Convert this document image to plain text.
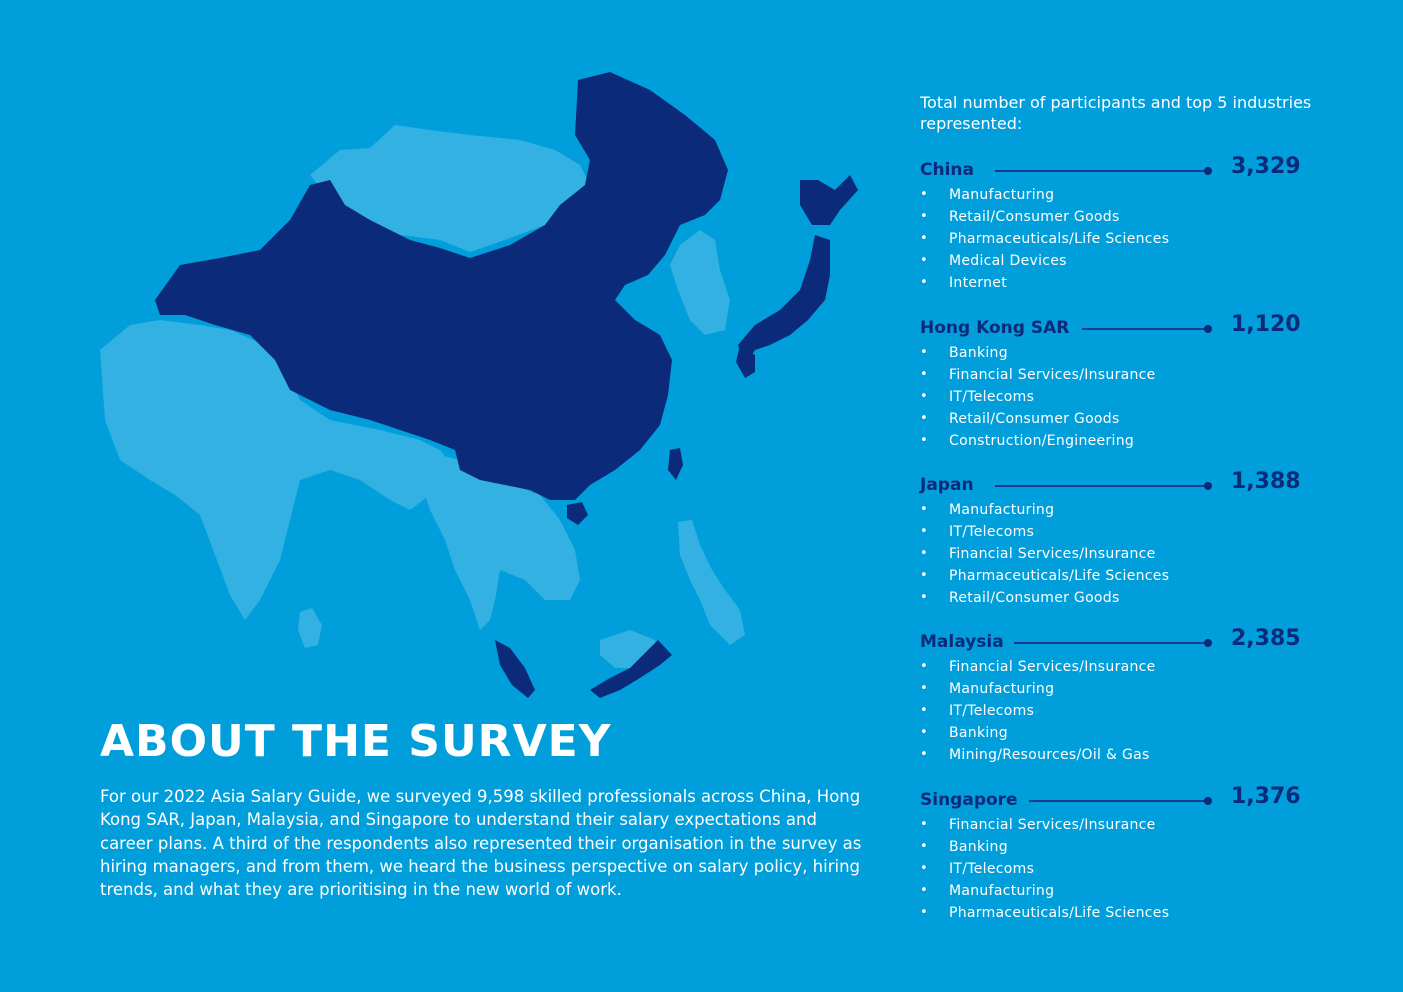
ABOUT THE SURVEY

For our 2022 Asia Salary Guide, we surveyed 9,598 skilled professionals across China, Hong Kong SAR, Japan, Malaysia, and Singapore to understand their salary expectations and career plans. A third of the respondents also represented their organisation in the survey as hiring managers, and from them, we heard the business perspective on salary policy, hiring trends, and what they are prioritising in the new world of work.

Total number of participants and top 5 industries represented:

China	3,329
• Manufacturing
• Retail/Consumer Goods
• Pharmaceuticals/Life Sciences
• Medical Devices
• Internet
Hong Kong SAR	1,120
• Banking
• Financial Services/Insurance
• IT/Telecoms
• Retail/Consumer Goods
• Construction/Engineering
Japan	1,388
• Manufacturing
• IT/Telecoms
• Financial Services/Insurance
• Pharmaceuticals/Life Sciences
• Retail/Consumer Goods
Malaysia	2,385
• Financial Services/Insurance
• Manufacturing
• IT/Telecoms
• Banking
• Mining/Resources/Oil & Gas
Singapore	1,376
• Financial Services/Insurance
• Banking
• IT/Telecoms
• Manufacturing
• Pharmaceuticals/Life Sciences
